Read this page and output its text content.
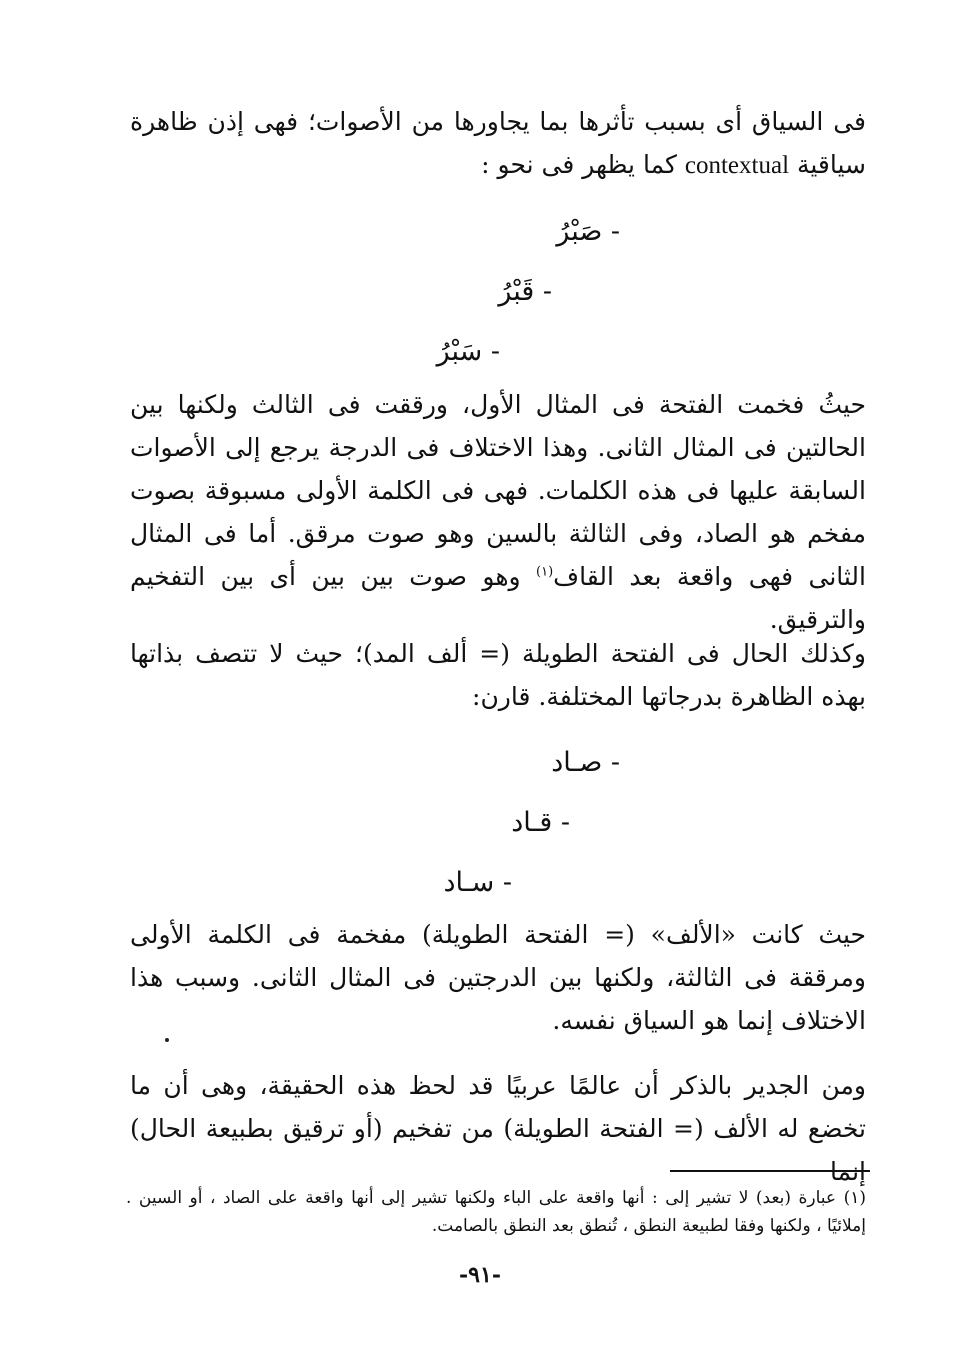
فى السياق أى بسبب تأثرها بما يجاورها من الأصوات؛ فهى إذن ظاهرة سياقية contextual كما يظهر فى نحو :
- صَبْرُ
- قَبْرُ
- سَبْرُ
حيثُ فخمت الفتحة فى المثال الأول، ورققت فى الثالث ولكنها بين الحالتين فى المثال الثانى. وهذا الاختلاف فى الدرجة يرجع إلى الأصوات السابقة عليها فى هذه الكلمات. فهى فى الكلمة الأولى مسبوقة بصوت مفخم هو الصاد، وفى الثالثة بالسين وهو صوت مرقق. أما فى المثال الثانى فهى واقعة بعد القاف$^{(١)}$ وهو صوت بين بين أى بين التفخيم والترقيق.
وكذلك الحال فى الفتحة الطويلة (= ألف المد)؛ حيث لا تتصف بذاتها بهذه الظاهرة بدرجاتها المختلفة. قارن:
- صـاد
- قـاد
- سـاد
حيث كانت «الألف» (= الفتحة الطويلة) مفخمة فى الكلمة الأولى ومرققة فى الثالثة، ولكنها بين الدرجتين فى المثال الثانى. وسبب هذا الاختلاف إنما هو السياق نفسه.
ومن الجدير بالذكر أن عالمًا عربيًا قد لحظ هذه الحقيقة، وهى أن ما تخضع له الألف (= الفتحة الطويلة) من تفخيم (أو ترقيق بطبيعة الحال) إنما
(١) عبارة (بعد) لا تشير إلى : أنها واقعة على الباء ولكنها تشير إلى أنها واقعة على الصاد ، أو السين . إملائيًا ، ولكنها وفقا لطبيعة النطق ، تُنطق بعد النطق بالصامت.
-٩١-
